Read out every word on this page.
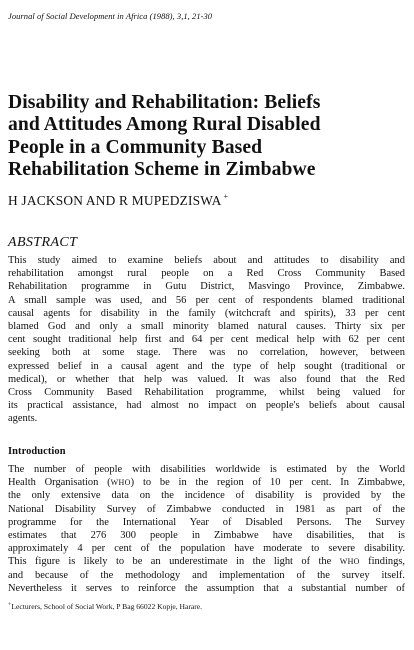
Journal of Social Development in Africa (1988), 3,1, 21-30
Disability and Rehabilitation: Beliefs
and Attitudes Among Rural Disabled
People in a Community Based
Rehabilitation Scheme in Zimbabwe
H JACKSON AND R MUPEDZISWA +
ABSTRACT

This study aimed to examine beliefs about and attitudes to disability and
rehabilitation amongst rural people on a Red Cross Community Based
Rehabilitation programme in Gutu District, Masvingo Province, Zimbabwe.
A small sample was used, and 56 per cent of respondents blamed traditional
causal agents for disability in the family (witchcraft and spirits), 33 per cent
blamed God and only a small minority blamed natural causes. Thirty six per
cent sought traditional help first and 64 per cent medical help with 62 per cent
seeking both at some stage. There was no correlation, however, between
expressed belief in a causal agent and the type of help sought (traditional or
medical), or whether that help was valued. It was also found that the Red
Cross Community Based Rehabilitation programme, whilst being valued for
its practical assistance, had almost no impact on people's beliefs about causal
agents.

Introduction

The number of people with disabilities worldwide is estimated by the World
Health Organisation (WHO) to be in the region of 10 per cent. In Zimbabwe,
the only extensive data on the incidence of disability is provided by the
National Disability Survey of Zimbabwe conducted in 1981 as part of the
programme for the International Year of Disabled Persons. The Survey
estimates that 276 300 people in Zimbabwe have disabilities, that is
approximately 4 per cent of the population have moderate to severe disability.
This figure is likely to be an underestimate in the light of the WHO findings,
and because of the methodology and implementation of the survey itself.
Nevertheless it serves to reinforce the assumption that a substantial number of

+Lecturers, School of Social Work, P Bag 66022 Kopje, Harare.
